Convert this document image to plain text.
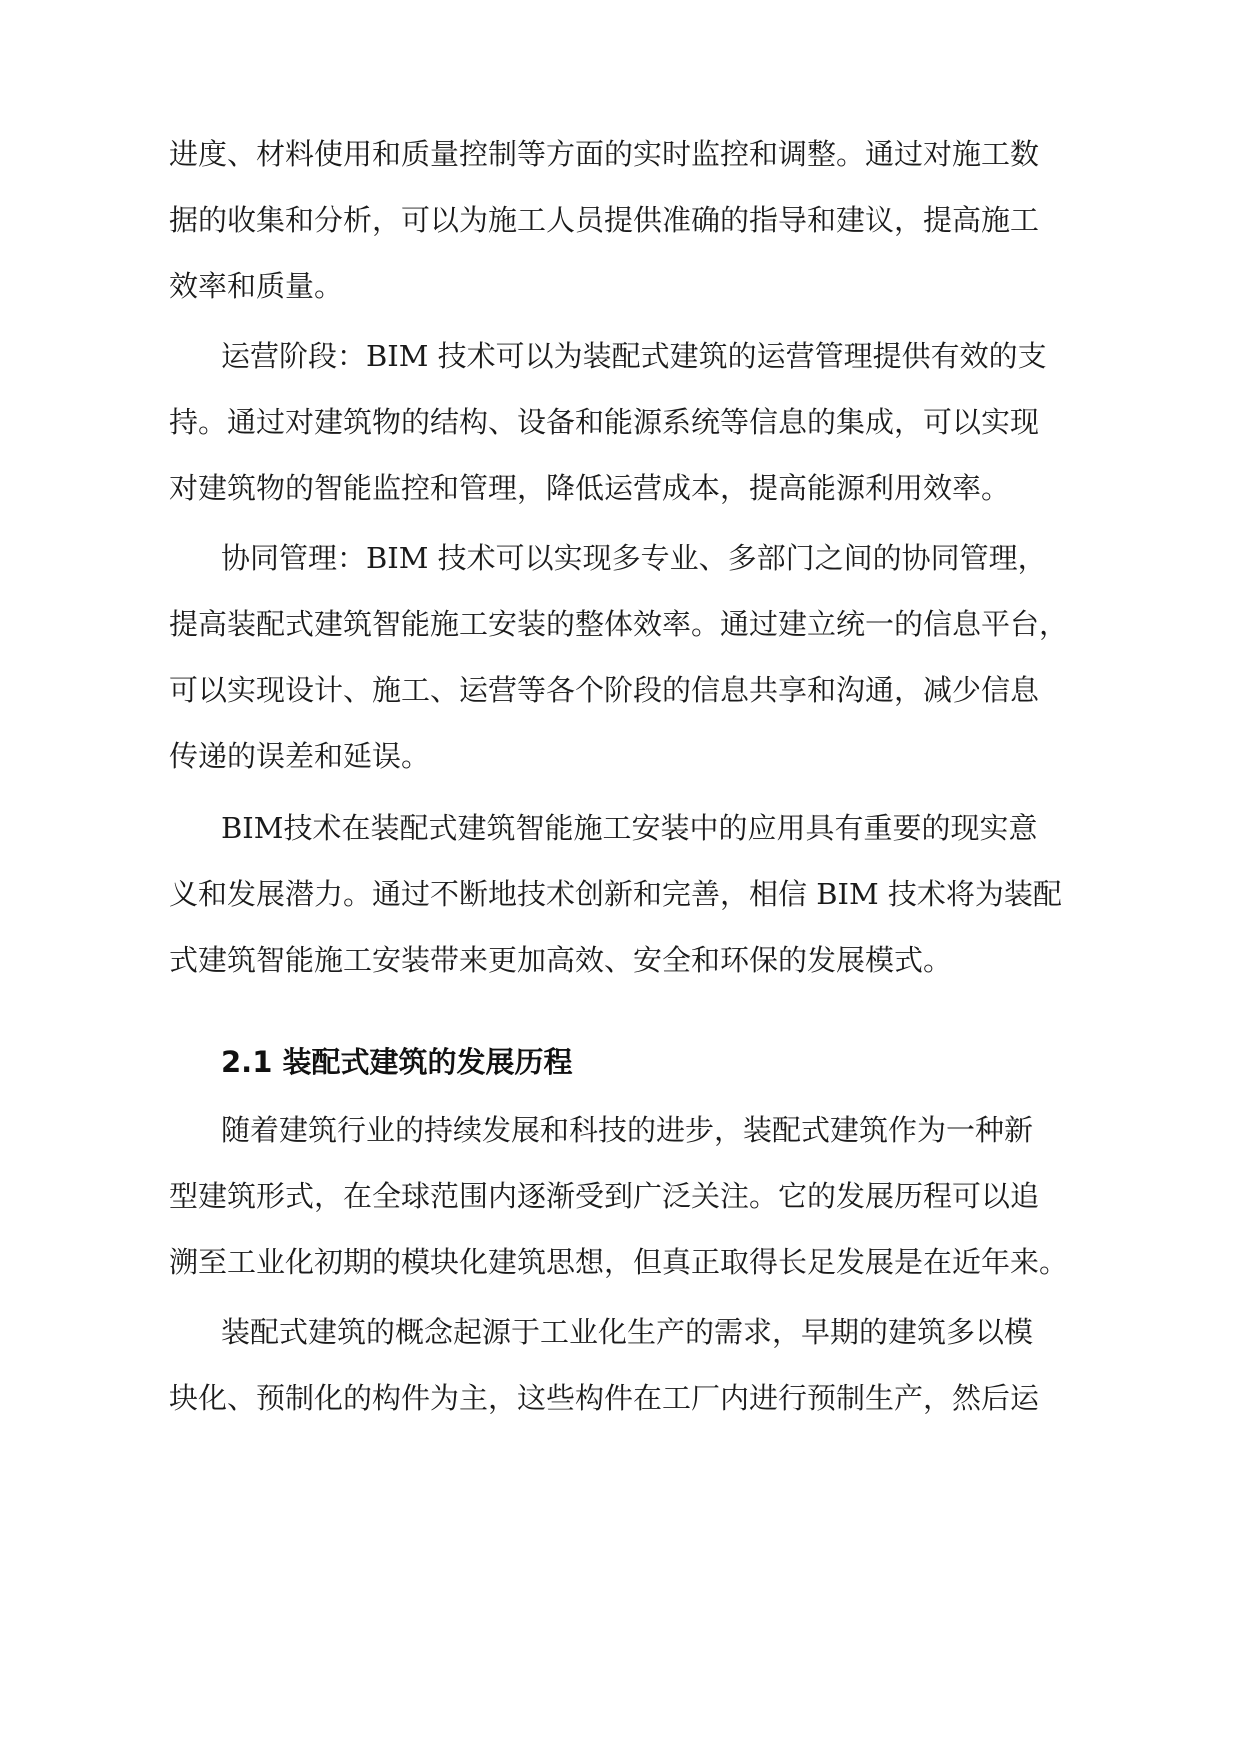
进度、材料使用和质量控制等方面的实时监控和调整。通过对施工数
据的收集和分析，可以为施工人员提供准确的指导和建议，提高施工
效率和质量。
运营阶段：BIM 技术可以为装配式建筑的运营管理提供有效的支
持。通过对建筑物的结构、设备和能源系统等信息的集成，可以实现
对建筑物的智能监控和管理，降低运营成本，提高能源利用效率。
协同管理：BIM 技术可以实现多专业、多部门之间的协同管理，
提高装配式建筑智能施工安装的整体效率。通过建立统一的信息平台，
可以实现设计、施工、运营等各个阶段的信息共享和沟通，减少信息
传递的误差和延误。
BIM技术在装配式建筑智能施工安装中的应用具有重要的现实意
义和发展潜力。通过不断地技术创新和完善，相信 BIM 技术将为装配
式建筑智能施工安装带来更加高效、安全和环保的发展模式。
2.1 装配式建筑的发展历程
随着建筑行业的持续发展和科技的进步，装配式建筑作为一种新
型建筑形式，在全球范围内逐渐受到广泛关注。它的发展历程可以追
溯至工业化初期的模块化建筑思想，但真正取得长足发展是在近年来。
装配式建筑的概念起源于工业化生产的需求，早期的建筑多以模
块化、预制化的构件为主，这些构件在工厂内进行预制生产，然后运
